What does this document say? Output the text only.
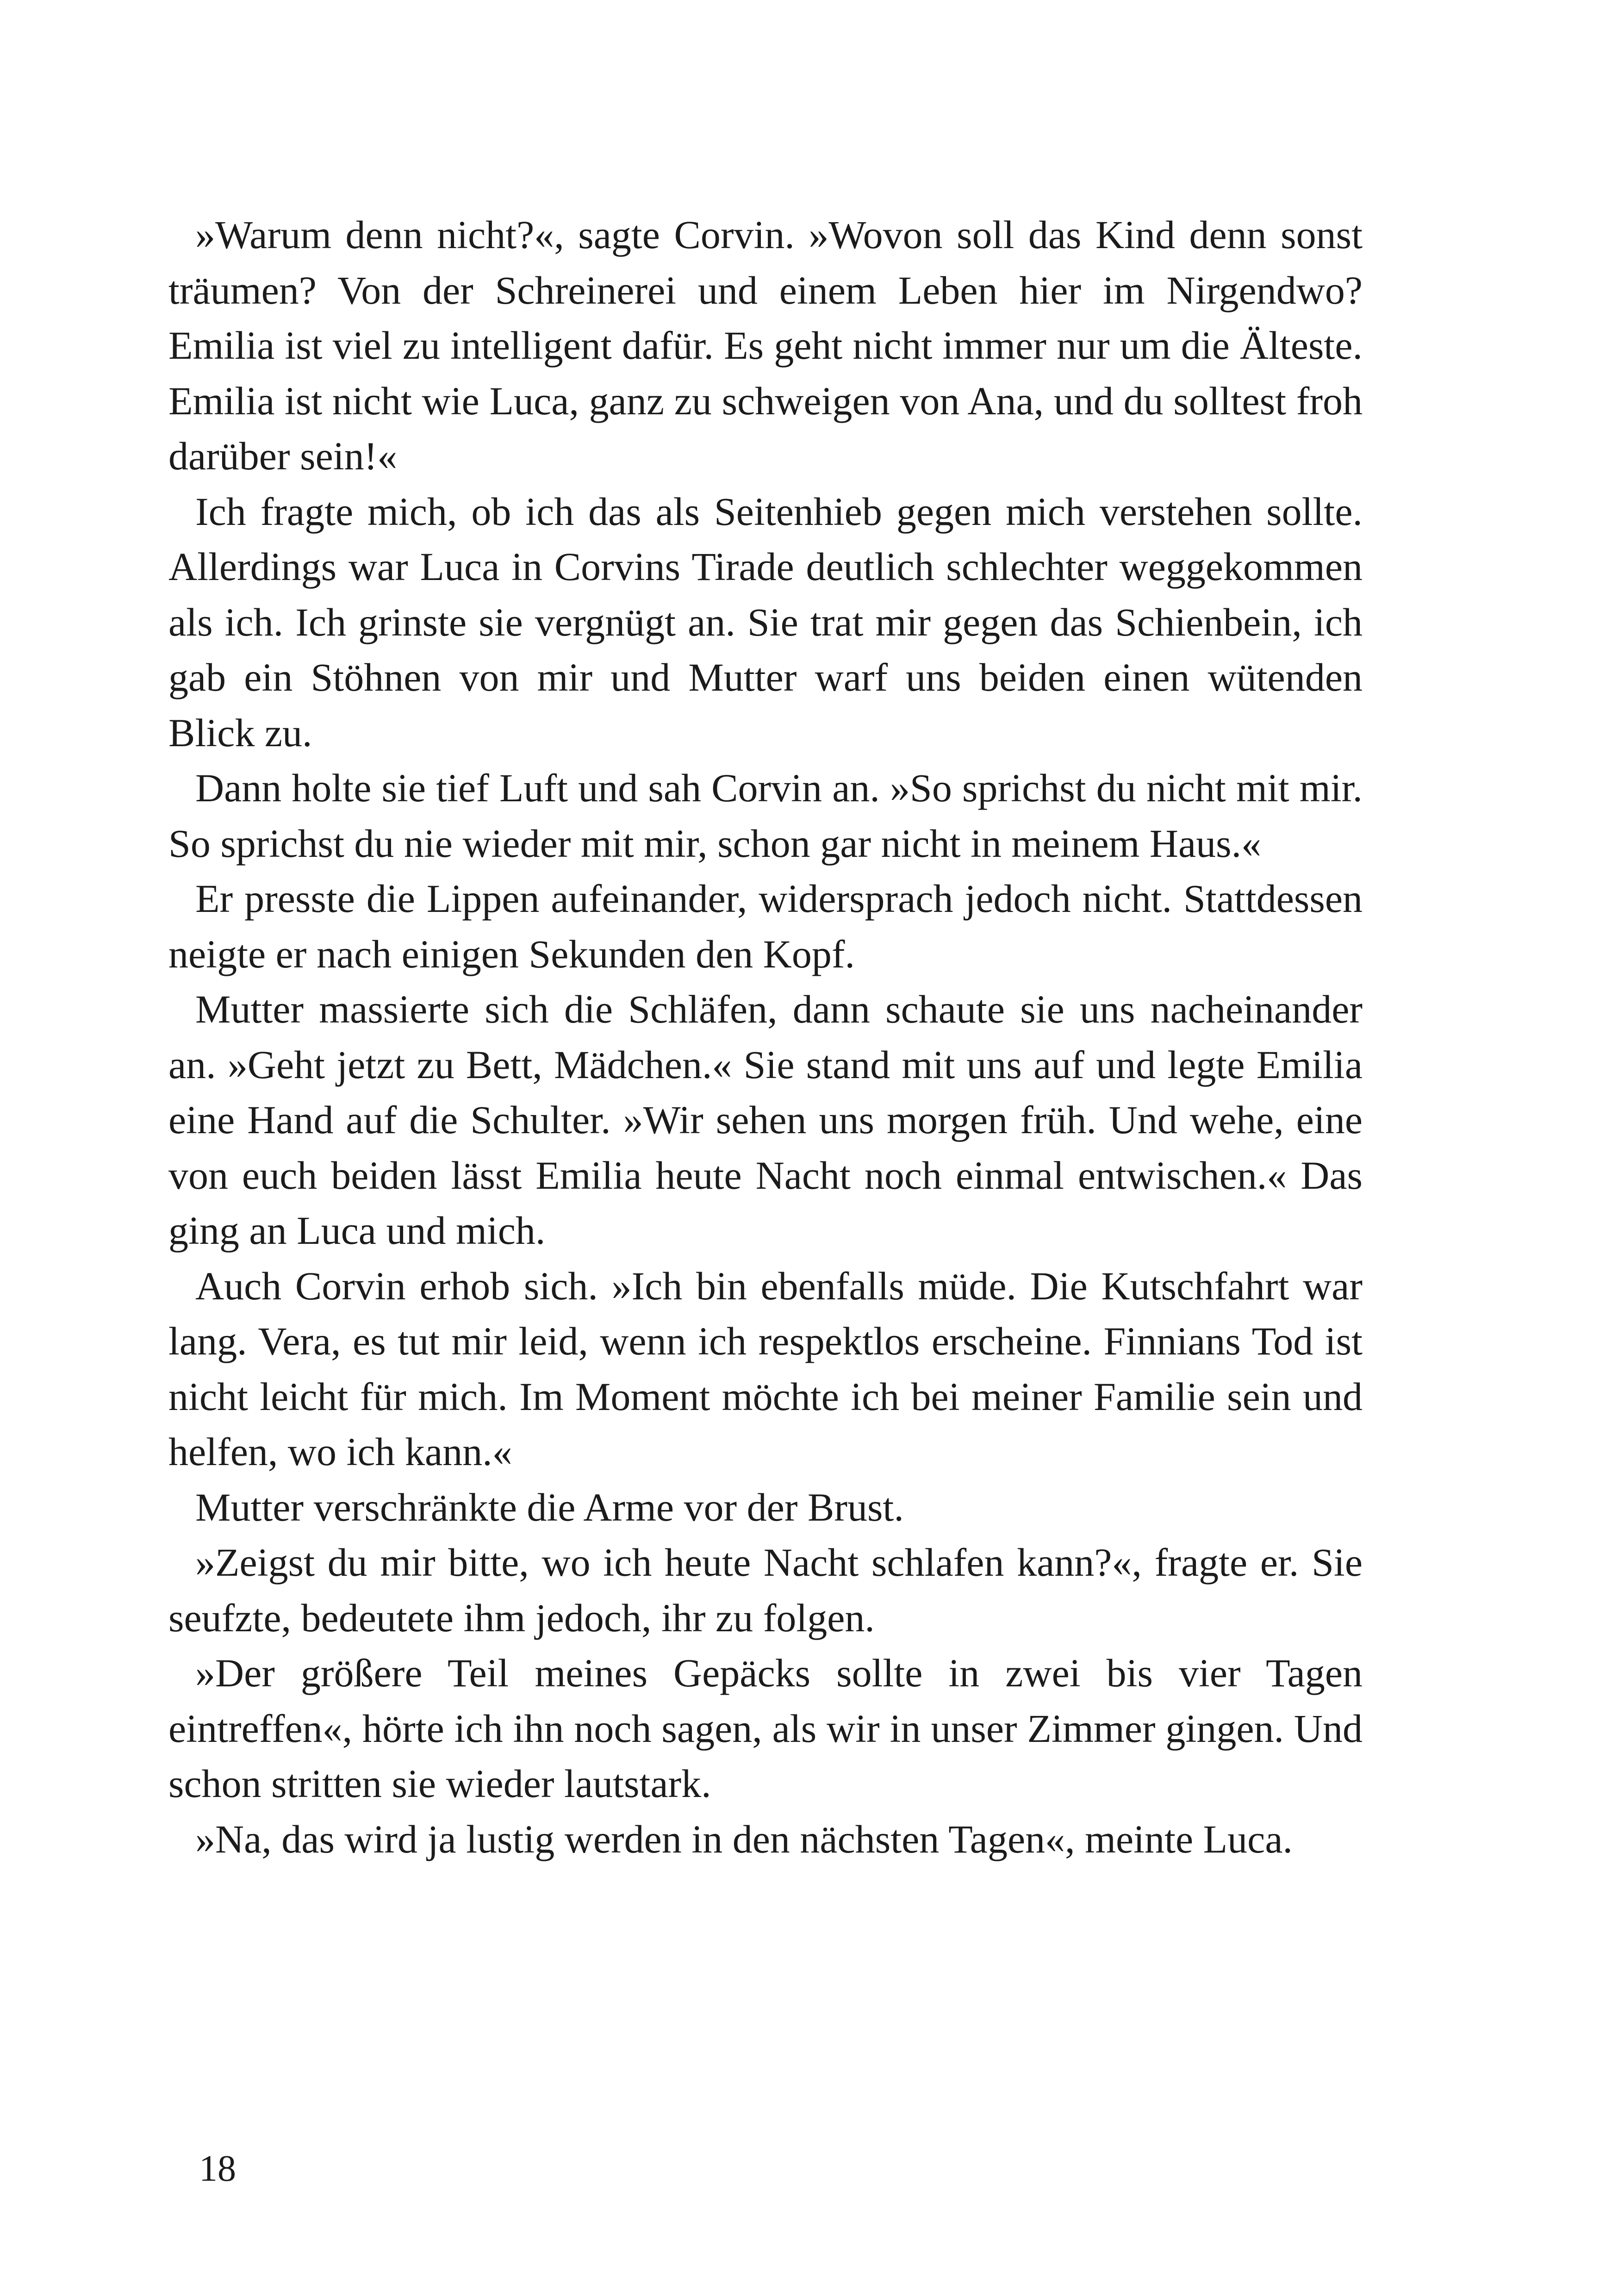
»Warum denn nicht?«, sagte Corvin. »Wovon soll das Kind denn sonst träumen? Von der Schreinerei und einem Leben hier im Nirgendwo? Emilia ist viel zu intelligent dafür. Es geht nicht immer nur um die Älteste. Emilia ist nicht wie Luca, ganz zu schweigen von Ana, und du solltest froh darüber sein!«

Ich fragte mich, ob ich das als Seitenhieb gegen mich verstehen sollte. Allerdings war Luca in Corvins Tirade deutlich schlechter weggekommen als ich. Ich grinste sie vergnügt an. Sie trat mir gegen das Schienbein, ich gab ein Stöhnen von mir und Mutter warf uns beiden einen wütenden Blick zu.

Dann holte sie tief Luft und sah Corvin an. »So sprichst du nicht mit mir. So sprichst du nie wieder mit mir, schon gar nicht in meinem Haus.«

Er presste die Lippen aufeinander, widersprach jedoch nicht. Stattdessen neigte er nach einigen Sekunden den Kopf.

Mutter massierte sich die Schläfen, dann schaute sie uns nacheinander an. »Geht jetzt zu Bett, Mädchen.« Sie stand mit uns auf und legte Emilia eine Hand auf die Schulter. »Wir sehen uns morgen früh. Und wehe, eine von euch beiden lässt Emilia heute Nacht noch einmal entwischen.« Das ging an Luca und mich.

Auch Corvin erhob sich. »Ich bin ebenfalls müde. Die Kutschfahrt war lang. Vera, es tut mir leid, wenn ich respektlos erscheine. Finnians Tod ist nicht leicht für mich. Im Moment möchte ich bei meiner Familie sein und helfen, wo ich kann.«

Mutter verschränkte die Arme vor der Brust.

»Zeigst du mir bitte, wo ich heute Nacht schlafen kann?«, fragte er. Sie seufzte, bedeutete ihm jedoch, ihr zu folgen.

»Der größere Teil meines Gepäcks sollte in zwei bis vier Tagen eintreffen«, hörte ich ihn noch sagen, als wir in unser Zimmer gingen. Und schon stritten sie wieder lautstark.

»Na, das wird ja lustig werden in den nächsten Tagen«, meinte Luca.

18
